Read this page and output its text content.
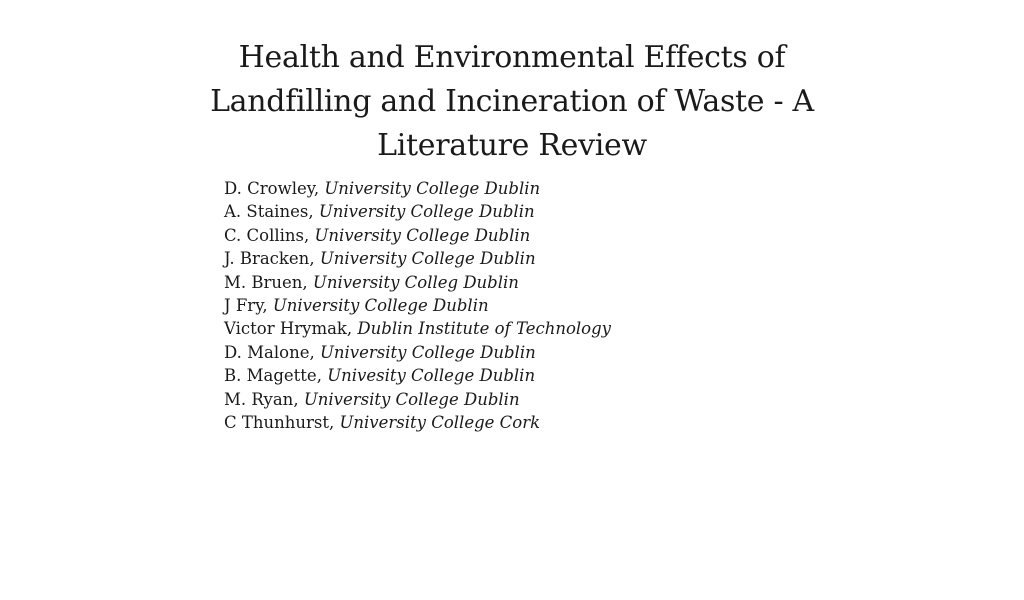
Health and Environmental Effects of Landfilling and Incineration of Waste - A Literature Review
D. Crowley, University College Dublin
A. Staines, University College Dublin
C. Collins, University College Dublin
J. Bracken, University College Dublin
M. Bruen, University Colleg Dublin
J Fry, University College Dublin
Victor Hrymak, Dublin Institute of Technology
D. Malone, University College Dublin
B. Magette, Univesity College Dublin
M. Ryan, University College Dublin
C Thunhurst, University College Cork
